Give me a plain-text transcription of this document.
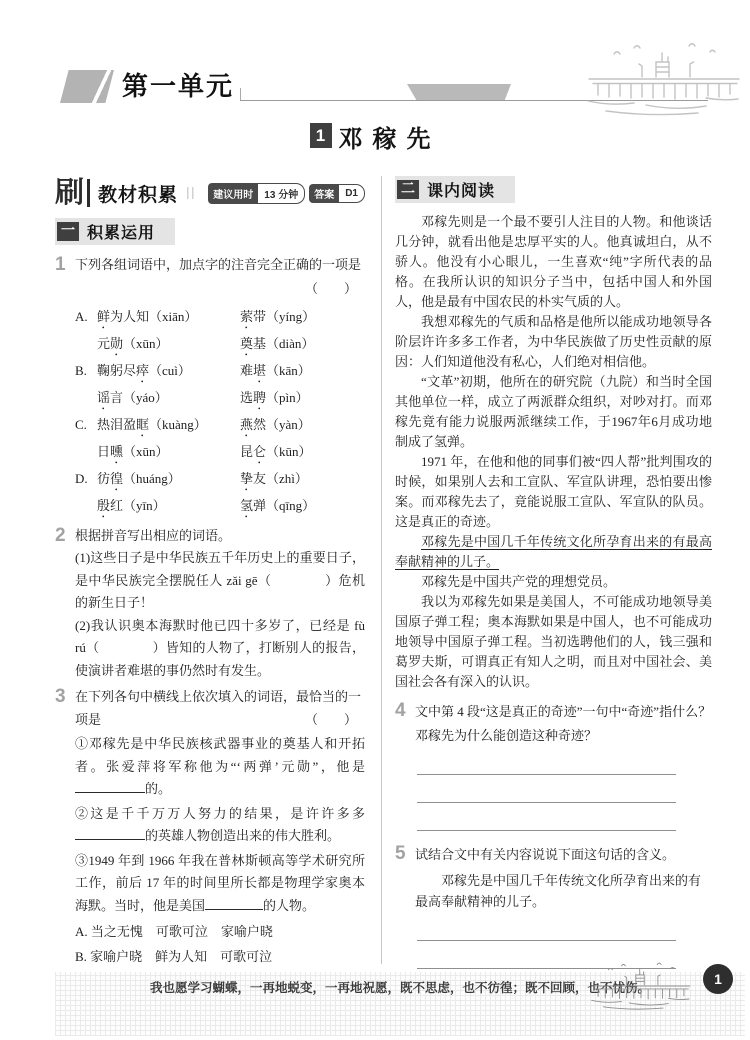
第一单元
1 邓稼先
刷 教材积累	建议用时	13 分钟	答案	D1
一 积累运用
1 下列各组词语中，加点字的注音完全正确的一项是
（　　）
A. 鲜为人知（xiān）	萦带（yíng）
元勋（xūn）	奠基（diàn）
B. 鞠躬尽瘁（cuì）	难堪（kān）
谣言（yáo）	选聘（pìn）
C. 热泪盈眶（kuàng）	燕然（yàn）
日曛（xūn）	昆仑（kūn）
D. 彷徨（huáng）	挚友（zhì）
殷红（yīn）	氢弹（qīng）
2 根据拼音写出相应的词语。
(1)这些日子是中华民族五千年历史上的重要日子，是中华民族完全摆脱任人 zǎi gē（　　　　）危机的新生日子！
(2)我认识奥本海默时他已四十多岁了，已经是 fù rú（　　　　）皆知的人物了，打断别人的报告，使演讲者难堪的事仍然时有发生。
3 在下列各句中横线上依次填入的词语，最恰当的一项是	（　　）
①邓稼先是中华民族核武器事业的奠基人和开拓者。张爱萍将军称他为“‘两弹’元勋”，他是的。
②这是千千万万人努力的结果，是许许多多的英雄人物创造出来的伟大胜利。
③1949 年到 1966 年我在普林斯顿高等学术研究所工作，前后 17 年的时间里所长都是物理学家奥本海默。当时，他是美国	的人物。
A. 当之无愧　可歌可泣　家喻户晓
B. 家喻户晓　鲜为人知　可歌可泣
二 课内阅读

邓稼先则是一个最不要引人注目的人物。和他谈话几分钟，就看出他是忠厚平实的人。他真诚坦白，从不骄人。他没有小心眼儿，一生喜欢“纯”字所代表的品格。在我所认识的知识分子当中，包括中国人和外国人，他是最有中国农民的朴实气质的人。

我想邓稼先的气质和品格是他所以能成功地领导各阶层许许多多工作者，为中华民族做了历史性贡献的原因：人们知道他没有私心，人们绝对相信他。

“文革”初期，他所在的研究院（九院）和当时全国其他单位一样，成立了两派群众组织，对吵对打。而邓稼先竟有能力说服两派继续工作，于1967年6月成功地制成了氢弹。

1971 年，在他和他的同事们被“四人帮”批判围攻的时候，如果别人去和工宣队、军宣队讲理，恐怕要出惨案。而邓稼先去了，竟能说服工宣队、军宣队的队员。这是真正的奇迹。

邓稼先是中国几千年传统文化所孕育出来的有最高奉献精神的儿子。

邓稼先是中国共产党的理想党员。

我以为邓稼先如果是美国人，不可能成功地领导美国原子弹工程；奥本海默如果是中国人，也不可能成功地领导中国原子弹工程。当初选聘他们的人，钱三强和葛罗夫斯，可谓真正有知人之明，而且对中国社会、美国社会各有深入的认识。

4 文中第 4 段“这是真正的奇迹”一句中“奇迹”指什么？邓稼先为什么能创造这种奇迹？
5 试结合文中有关内容说说下面这句话的含义。
邓稼先是中国几千年传统文化所孕育出来的有最高奉献精神的儿子。
我也愿学习蝴蝶，一再地蜕变，一再地祝愿，既不思虑，也不彷徨；既不回顾，也不忧伤。
1
